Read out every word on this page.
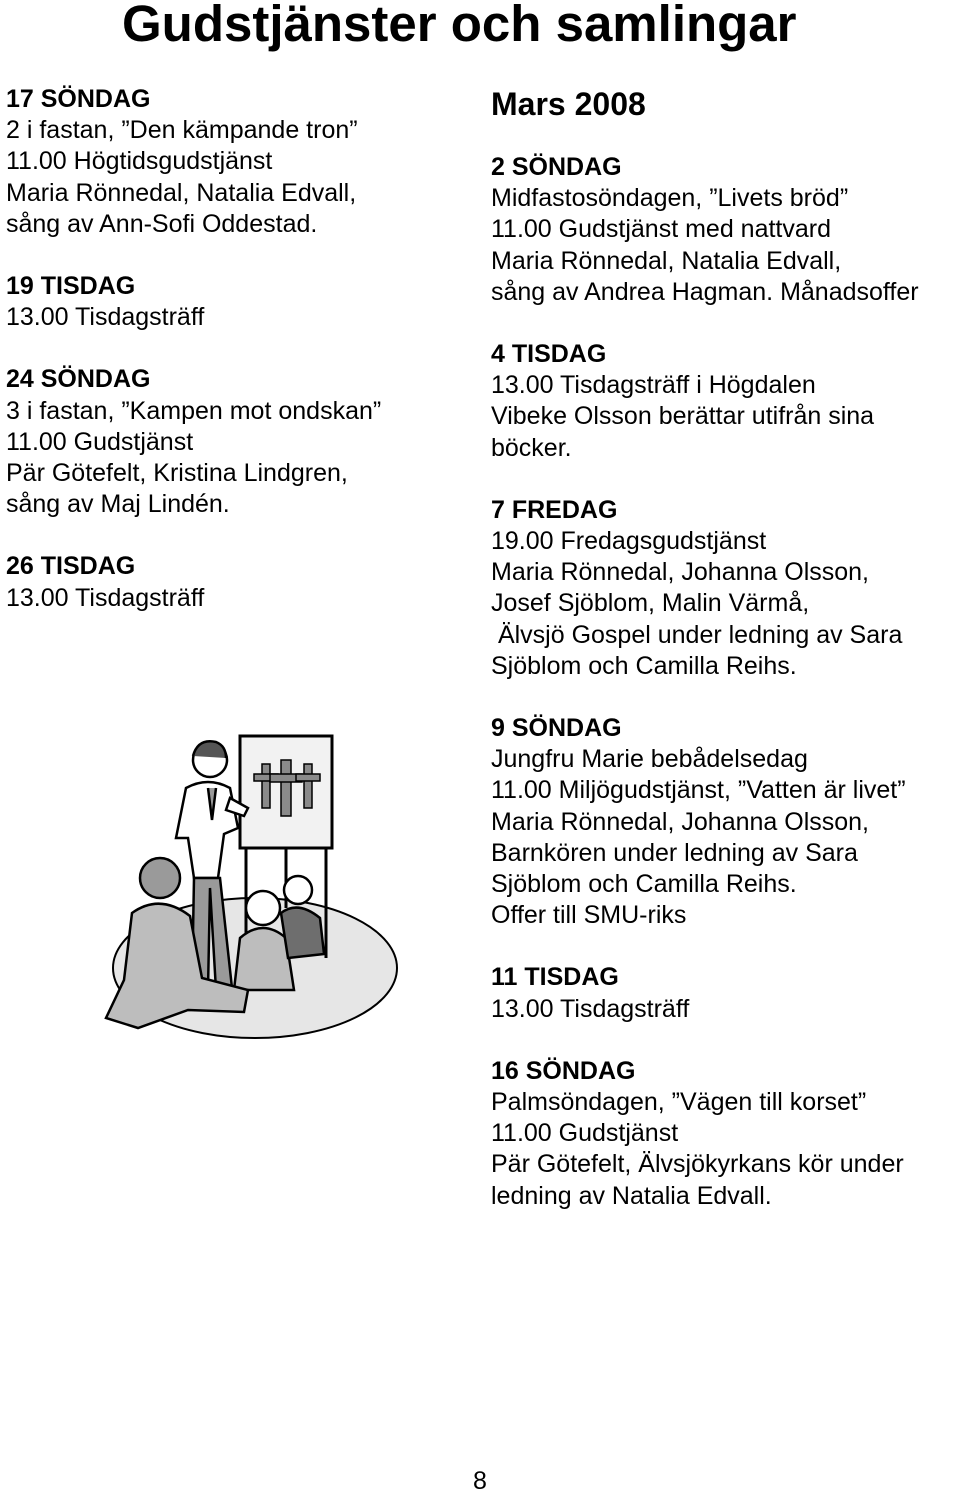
Gudstjänster och samlingar
17 SÖNDAG
2 i fastan, ”Den kämpande tron”
11.00 Högtidsgudstjänst
Maria Rönnedal, Natalia Edvall,
sång av Ann-Sofi Oddestad.
19 TISDAG
13.00 Tisdagsträff
24 SÖNDAG
3 i fastan, ”Kampen mot ondskan”
11.00 Gudstjänst
Pär Götefelt, Kristina Lindgren,
sång av Maj Lindén.
26 TISDAG
13.00 Tisdagsträff
Mars 2008
2 SÖNDAG
Midfastosöndagen, ”Livets bröd”
11.00 Gudstjänst med nattvard
Maria Rönnedal, Natalia Edvall,
sång av Andrea Hagman. Månadsoffer
4 TISDAG
13.00 Tisdagsträff i Högdalen
Vibeke Olsson berättar utifrån sina
böcker.
7 FREDAG
19.00 Fredagsgudstjänst
Maria Rönnedal, Johanna Olsson,
Josef Sjöblom, Malin Värmå,
Älvsjö Gospel under ledning av Sara
Sjöblom och Camilla Reihs.
9 SÖNDAG
Jungfru Marie bebådelsedag
11.00 Miljögudstjänst, ”Vatten är livet”
Maria Rönnedal, Johanna Olsson,
Barnkören under ledning av Sara
Sjöblom och Camilla Reihs.
Offer till SMU-riks
11 TISDAG
13.00 Tisdagsträff
16 SÖNDAG
Palmsöndagen, ”Vägen till korset”
11.00 Gudstjänst
Pär Götefelt, Älvsjökyrkans kör under
ledning av Natalia Edvall.
8
